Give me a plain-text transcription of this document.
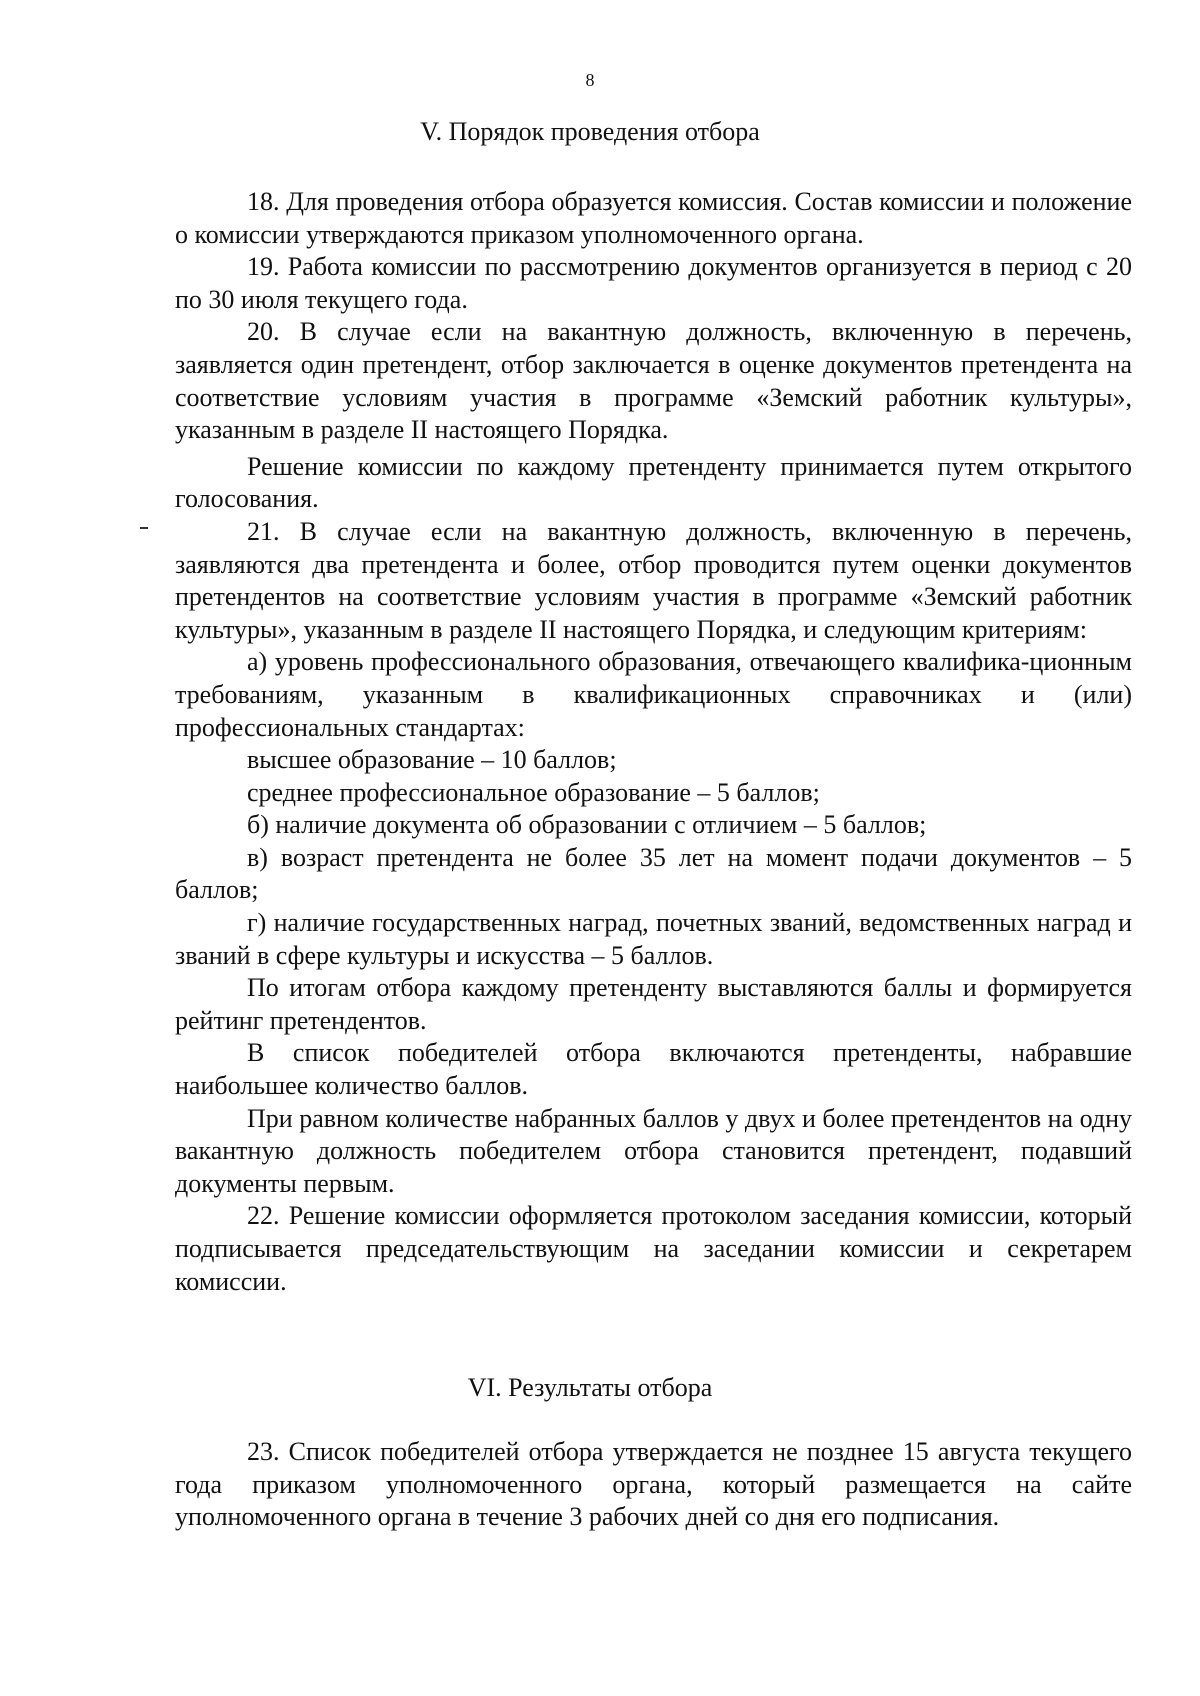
8
V. Порядок проведения отбора

18. Для проведения отбора образуется комиссия. Состав комиссии и положение о комиссии утверждаются приказом уполномоченного органа.

19. Работа комиссии по рассмотрению документов организуется в период с 20 по 30 июля текущего года.

20. В случае если на вакантную должность, включенную в перечень, заявляется один претендент, отбор заключается в оценке документов претендента на соответствие условиям участия в программе «Земский работник культуры», указанным в разделе II настоящего Порядка.

Решение комиссии по каждому претенденту принимается путем открытого голосования.

21. В случае если на вакантную должность, включенную в перечень, заявляются два претендента и более, отбор проводится путем оценки документов претендентов на соответствие условиям участия в программе «Земский работник культуры», указанным в разделе II настоящего Порядка, и следующим критериям:

а) уровень профессионального образования, отвечающего квалифика-ционным требованиям, указанным в квалификационных справочниках и (или) профессиональных стандартах:

высшее образование – 10 баллов;

среднее профессиональное образование – 5 баллов;

б) наличие документа об образовании с отличием – 5 баллов;

в) возраст претендента не более 35 лет на момент подачи документов – 5 баллов;

г) наличие государственных наград, почетных званий, ведомственных наград и званий в сфере культуры и искусства – 5 баллов.

По итогам отбора каждому претенденту выставляются баллы и формируется рейтинг претендентов.

В список победителей отбора включаются претенденты, набравшие наибольшее количество баллов.

При равном количестве набранных баллов у двух и более претендентов на одну вакантную должность победителем отбора становится претендент, подавший документы первым.

22. Решение комиссии оформляется протоколом заседания комиссии, который подписывается председательствующим на заседании комиссии и секретарем комиссии.

VI. Результаты отбора

23. Список победителей отбора утверждается не позднее 15 августа текущего года приказом уполномоченного органа, который размещается на сайте уполномоченного органа в течение 3 рабочих дней со дня его подписания.
